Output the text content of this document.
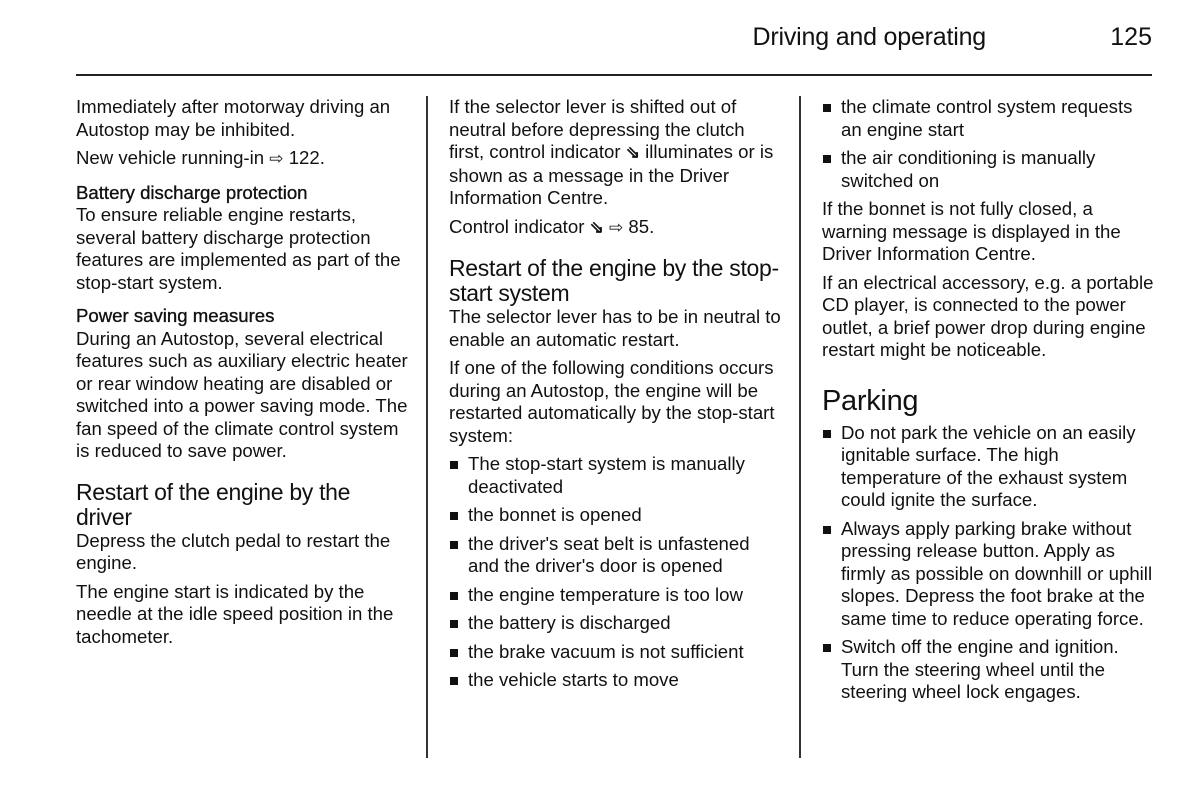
Driving and operating	125

Immediately after motorway driving an Autostop may be inhibited.

New vehicle running-in ⇨ 122.

Battery discharge protection

To ensure reliable engine restarts, several battery discharge protection features are implemented as part of the stop-start system.

Power saving measures

During an Autostop, several electrical features such as auxiliary electric heater or rear window heating are disabled or switched into a power saving mode. The fan speed of the climate control system is reduced to save power.

Restart of the engine by the driver

Depress the clutch pedal to restart the engine.

The engine start is indicated by the needle at the idle speed position in the tachometer.

If the selector lever is shifted out of neutral before depressing the clutch first, control indicator ⇘ illuminates or is shown as a message in the Driver Information Centre.

Control indicator ⇘ ⇨ 85.

Restart of the engine by the stop-start system

The selector lever has to be in neutral to enable an automatic restart.

If one of the following conditions occurs during an Autostop, the engine will be restarted automatically by the stop-start system:

The stop-start system is manually deactivated
the bonnet is opened
the driver's seat belt is unfastened and the driver's door is opened
the engine temperature is too low
the battery is discharged
the brake vacuum is not sufficient
the vehicle starts to move
the climate control system requests an engine start
the air conditioning is manually switched on

If the bonnet is not fully closed, a warning message is displayed in the Driver Information Centre.

If an electrical accessory, e.g. a portable CD player, is connected to the power outlet, a brief power drop during engine restart might be noticeable.

Parking
Do not park the vehicle on an easily ignitable surface. The high temperature of the exhaust system could ignite the surface.
Always apply parking brake without pressing release button. Apply as firmly as possible on downhill or uphill slopes. Depress the foot brake at the same time to reduce operating force.
Switch off the engine and ignition. Turn the steering wheel until the steering wheel lock engages.
